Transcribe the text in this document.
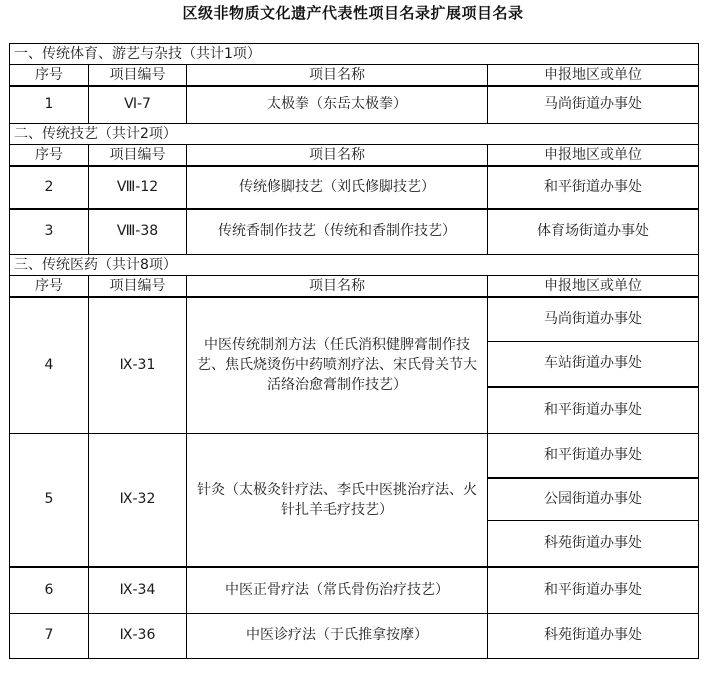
区级非物质文化遗产代表性项目名录扩展项目名录
一、传统体育、游艺与杂技（共计1项）			
序号	项目编号	项目名称	申报地区或单位
1	Ⅵ-7	太极拳（东岳太极拳）	马尚街道办事处
二、传统技艺（共计2项）			
序号	项目编号	项目名称	申报地区或单位
2	Ⅷ-12	传统修脚技艺（刘氏修脚技艺）	和平街道办事处
3	Ⅷ-38	传统香制作技艺（传统和香制作技艺）	体育场街道办事处
三、传统医药（共计8项）			
序号	项目编号	项目名称	申报地区或单位
4	Ⅸ-31	中医传统制剂方法（任氏消积健脾膏制作技艺、焦氏烧烫伤中药喷剂疗法、宋氏骨关节大活络治愈膏制作技艺）	马尚街道办事处
			车站街道办事处
			和平街道办事处
5	Ⅸ-32	针灸（太极灸针疗法、李氏中医挑治疗法、火针扎羊毛疗技艺）	和平街道办事处
			公园街道办事处
			科苑街道办事处
6	Ⅸ-34	中医正骨疗法（常氏骨伤治疗技艺）	和平街道办事处
7	Ⅸ-36	中医诊疗法（于氏推拿按摩）	科苑街道办事处
